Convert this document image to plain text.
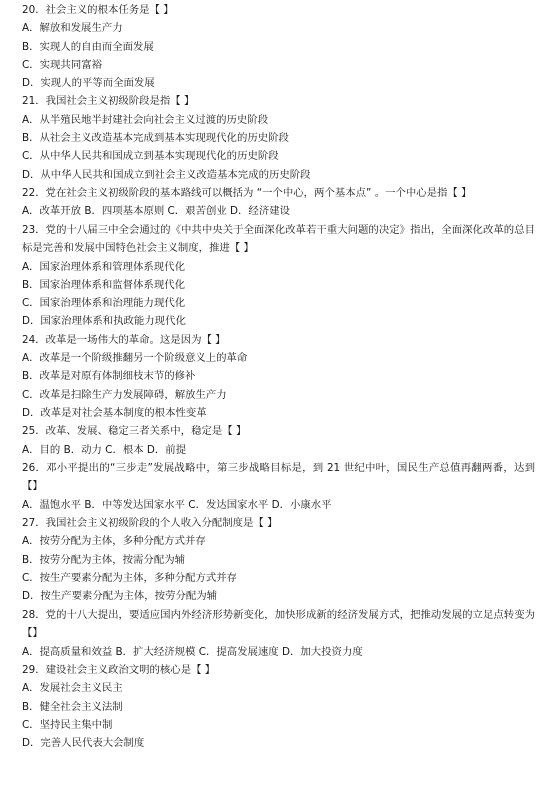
20．社会主义的根本任务是【 】
A．解放和发展生产力
B．实现人的自由而全面发展
C．实现共同富裕
D．实现人的平等而全面发展
21．我国社会主义初级阶段是指【 】
A．从半殖民地半封建社会向社会主义过渡的历史阶段
B．从社会主义改造基本完成到基本实现现代化的历史阶段
C．从中华人民共和国成立到基本实现现代化的历史阶段
D．从中华人民共和国成立到社会主义改造基本完成的历史阶段
22．党在社会主义初级阶段的基本路线可以概括为 “一个中心，两个基本点” 。一个中心是指【 】
A．改革开放 B．四项基本原则 C．艰苦创业 D．经济建设
23．党的十八届三中全会通过的《中共中央关于全面深化改革若干重大问题的决定》指出，全面深化改革的总目标是完善和发展中国特色社会主义制度，推进【 】
A．国家治理体系和管理体系现代化
B．国家治理体系和监督体系现代化
C．国家治理体系和治理能力现代化
D．国家治理体系和执政能力现代化
24．改革是一场伟大的革命。这是因为【 】
A．改革是一个阶级推翻另一个阶级意义上的革命
B．改革是对原有体制细枝末节的修补
C．改革是扫除生产力发展障碍，解放生产力
D．改革是对社会基本制度的根本性变革
25．改革、发展、稳定三者关系中，稳定是【 】
A．目的 B．动力 C．根本 D．前提
26．邓小平提出的“三步走”发展战略中，第三步战略目标是，到 21 世纪中叶，国民生产总值再翻两番，达到【】
A．温饱水平 B．中等发达国家水平 C．发达国家水平 D．小康水平
27．我国社会主义初级阶段的个人收入分配制度是【 】
A．按劳分配为主体，多种分配方式并存
B．按劳分配为主体，按需分配为辅
C．按生产要素分配为主体，多种分配方式并存
D．按生产要素分配为主体，按劳分配为辅
28．党的十八大提出，要适应国内外经济形势新变化，加快形成新的经济发展方式，把推动发展的立足点转变为【】
A．提高质量和效益 B．扩大经济规模 C．提高发展速度 D．加大投资力度
29．建设社会主义政治文明的核心是【 】
A．发展社会主义民主
B．健全社会主义法制
C．坚持民主集中制
D．完善人民代表大会制度
